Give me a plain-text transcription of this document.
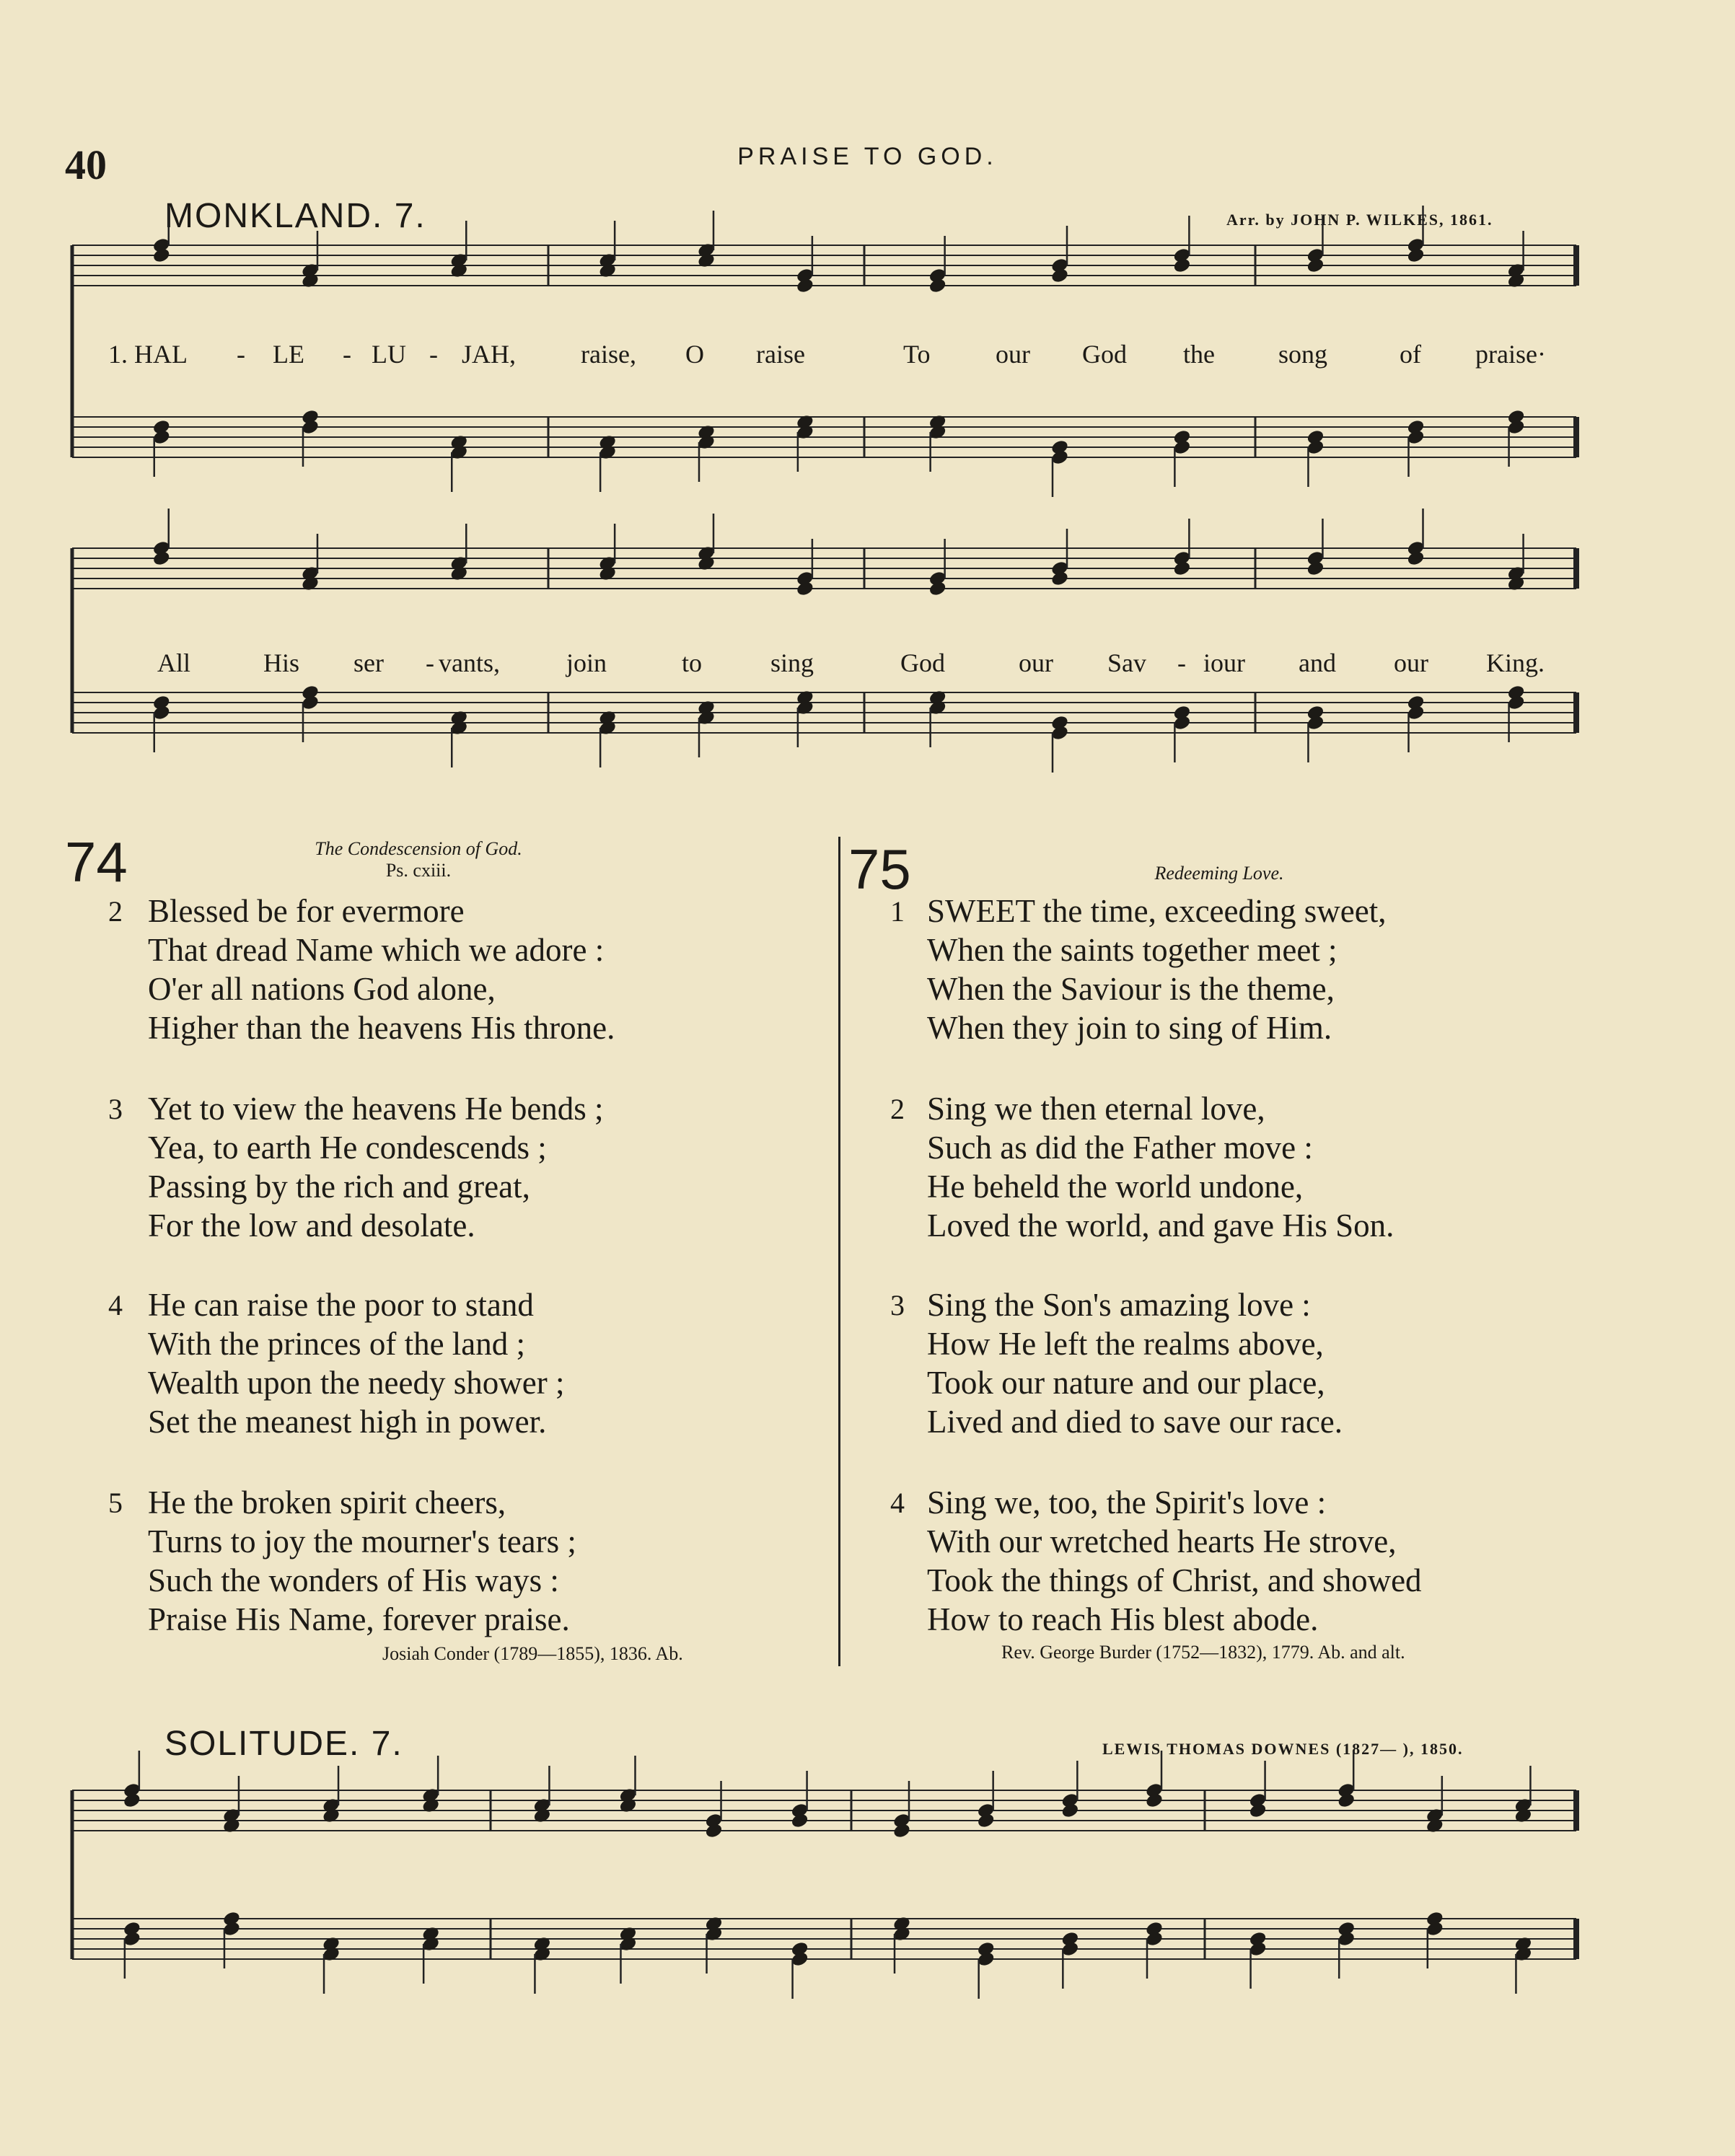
40	PRAISE TO GOD.
MONKLAND. 7.	Arr. by JOHN P. WILKES, 1861.
1. HAL - LE - LU - JAH, raise, O raise	To	our God the song	of praise·
All	His ser - vants,	join	to	sing	God	our Sav - iour and our King.
74	The Condescension of God.
Ps. cxiii.
2 Blessed be for evermore
That dread Name which we adore :
O'er all nations God alone,
Higher than the heavens His throne.
3 Yet to view the heavens He bends ;
Yea, to earth He condescends ;
Passing by the rich and great,
For the low and desolate.
4 He can raise the poor to stand
With the princes of the land ;
Wealth upon the needy shower ;
Set the meanest high in power.
5 He the broken spirit cheers,
Turns to joy the mourner's tears ;
Such the wonders of His ways :
Praise His Name, forever praise.
Josiah Conder (1789—1855), 1836. Ab.
75	Redeeming Love.
1 SWEET the time, exceeding sweet,
When the saints together meet ;
When the Saviour is the theme,
When they join to sing of Him.
2 Sing we then eternal love,
Such as did the Father move :
He beheld the world undone,
Loved the world, and gave His Son.
3 Sing the Son's amazing love :
How He left the realms above,
Took our nature and our place,
Lived and died to save our race.
4 Sing we, too, the Spirit's love :
With our wretched hearts He strove,
Took the things of Christ, and showed
How to reach His blest abode.
Rev. George Burder (1752—1832), 1779. Ab. and alt.
SOLITUDE. 7.	LEWIS THOMAS DOWNES (1827— ), 1850.
